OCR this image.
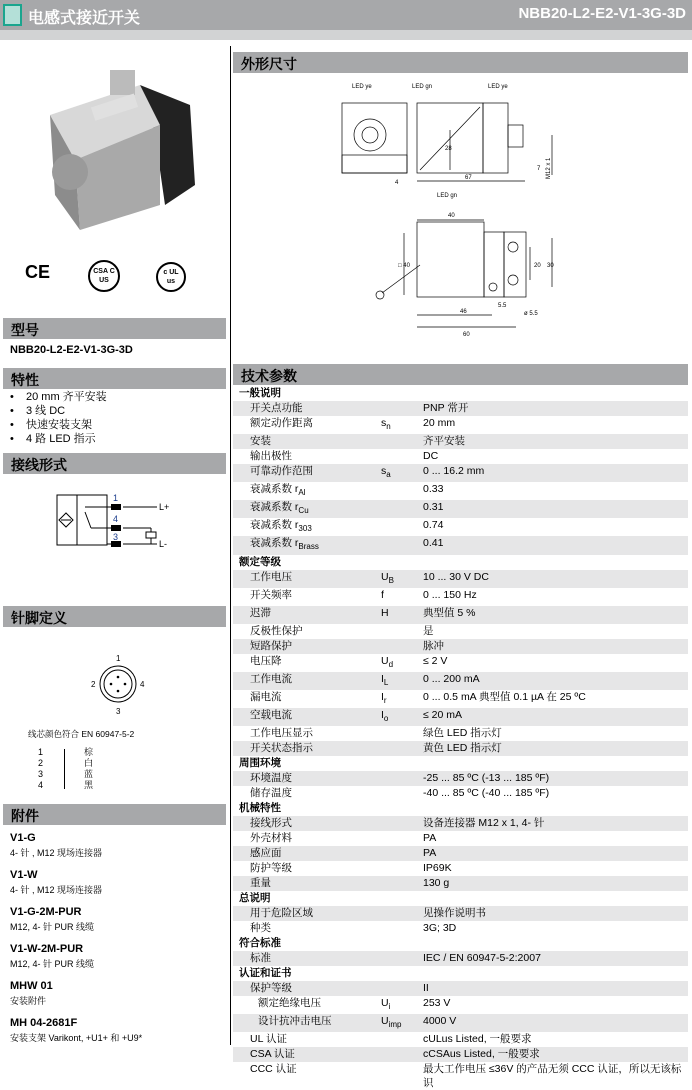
电感式接近开关	NBB20-L2-E2-V1-3G-3D
CE	CSA C US
c UL us
型号
NBB20-L2-E2-V1-3G-3D
特性
• 20 mm 齐平安装
• 3 线 DC
• 快速安装支架
• 4 路 LED 指示
接线形式
1
4
3
L+
L-
针脚定义
1
2
3
4
线芯颜色符合 EN 60947-5-2
1	棕
2	白
3	蓝
4	黑
附件
V1-G
4- 针 , M12 现场连接器
V1-W
4- 针 , M12 现场连接器
V1-G-2M-PUR
M12, 4- 针 PUR 线缆
V1-W-2M-PUR
M12, 4- 针 PUR 线缆
MHW 01
安装附件
MH 04-2681F
安装支架 Varikont, +U1+ 和 +U9*
外形尺寸
LED ye	LED gn	LED ye
LED gn
28
67
7 M12 x 1
4
40
□ 40	20 30
5.5
46	ø 5.5
60
技术参数
一般说明		
开关点功能		PNP 常开
额定动作距离	$s_n$	20 mm
安装		齐平安装
输出极性		DC
可靠动作范围	$s_a$	0 ... 16.2 mm
衰减系数 $r_{Al}$		0.33
衰减系数 $r_{Cu}$		0.31
衰减系数 $r_{303}$		0.74
衰减系数 $r_{Brass}$		0.41
额定等级		
工作电压	$U_B$	10 ... 30 V DC
开关频率	f	0 ... 150 Hz
迟滞	H	典型值 5 %
反极性保护		是
短路保护		脉冲
电压降	$U_d$	≤ 2 V
工作电流	$I_L$	0 ... 200 mA
漏电流	$I_r$	0 ... 0.5 mA 典型值 0.1 µA 在 25 ºC
空载电流	$I_o$	≤ 20 mA
工作电压显示		绿色 LED 指示灯
开关状态指示		黄色 LED 指示灯
周围环境		
环境温度		-25 ... 85 ºC (-13 ... 185 ºF)
储存温度		-40 ... 85 ºC (-40 ... 185 ºF)
机械特性		
接线形式		设备连接器 M12 x 1, 4- 针
外壳材料		PA
感应面		PA
防护等级		IP69K
重量		130 g
总说明		
用于危险区域		见操作说明书
种类		3G; 3D
符合标准		
标准		IEC / EN 60947-5-2:2007
认证和证书		
保护等级		II
额定绝缘电压	$U_i$	253 V
设计抗冲击电压	$U_{imp}$	4000 V
UL 认证		cULus Listed, 一般要求
CSA 认证		cCSAus Listed, 一般要求
CCC 认证		最大工作电压 ≤36V 的产品无须 CCC 认证，所以无该标识
